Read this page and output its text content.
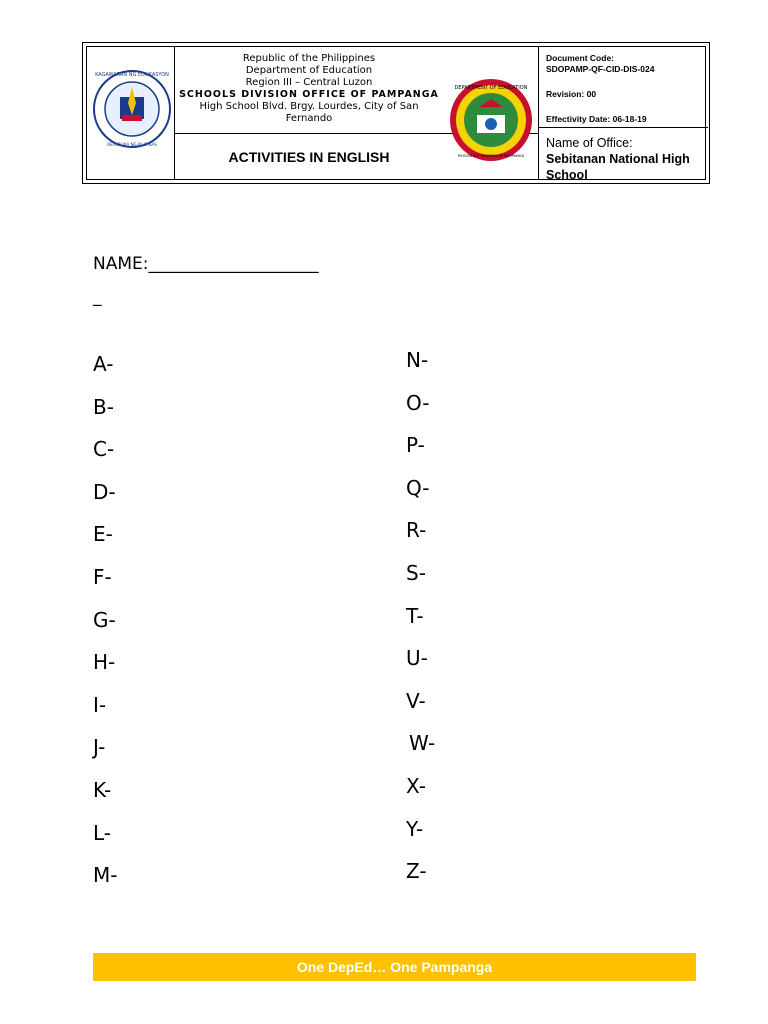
KAGAWARAN NG EDUKASYON
REPUBLIKA NG PILIPINAS
Republic of the Philippines
Department of Education
Region III – Central Luzon
SCHOOLS DIVISION OFFICE OF PAMPANGA
High School Blvd. Brgy. Lourdes, City of San Fernando
ACTIVITIES IN ENGLISH
DEPARTMENT OF EDUCATION
REGION III • DIVISION OF PAMPANGA
Document Code:
SDOPAMP-QF-CID-DIS-024
Revision: 00
Effectivity Date: 06-18-19
Name of Office:
Sebitanan National High School
NAME:____________________
_
A-
B-
C-
D-
E-
F-
G-
H-
I-
J-
K-
L-
M-
N-
O-
P-
Q-
R-
S-
T-
U-
V-
W-
X-
Y-
Z-
One DepEd… One Pampanga
